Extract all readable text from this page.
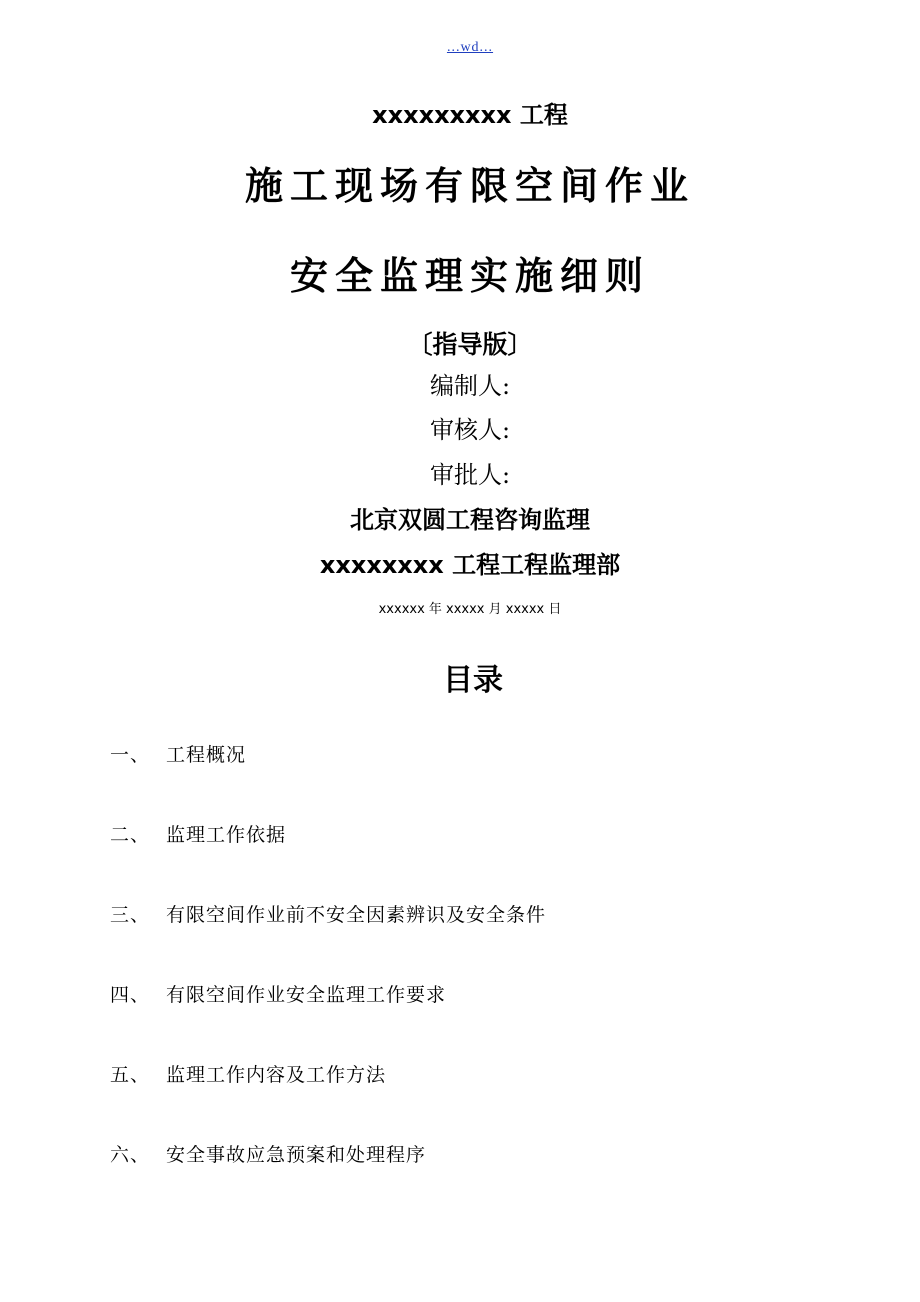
...wd...
xxxxxxxxx 工程
施工现场有限空间作业
安全监理实施细则
〔指导版〕
编制人:
审核人:
审批人:
北京双圆工程咨询监理
xxxxxxxx 工程工程监理部
xxxxxx 年 xxxxx 月 xxxxx 日
目录
一、 工程概况
二、 监理工作依据
三、 有限空间作业前不安全因素辨识及安全条件
四、 有限空间作业安全监理工作要求
五、 监理工作内容及工作方法
六、 安全事故应急预案和处理程序
